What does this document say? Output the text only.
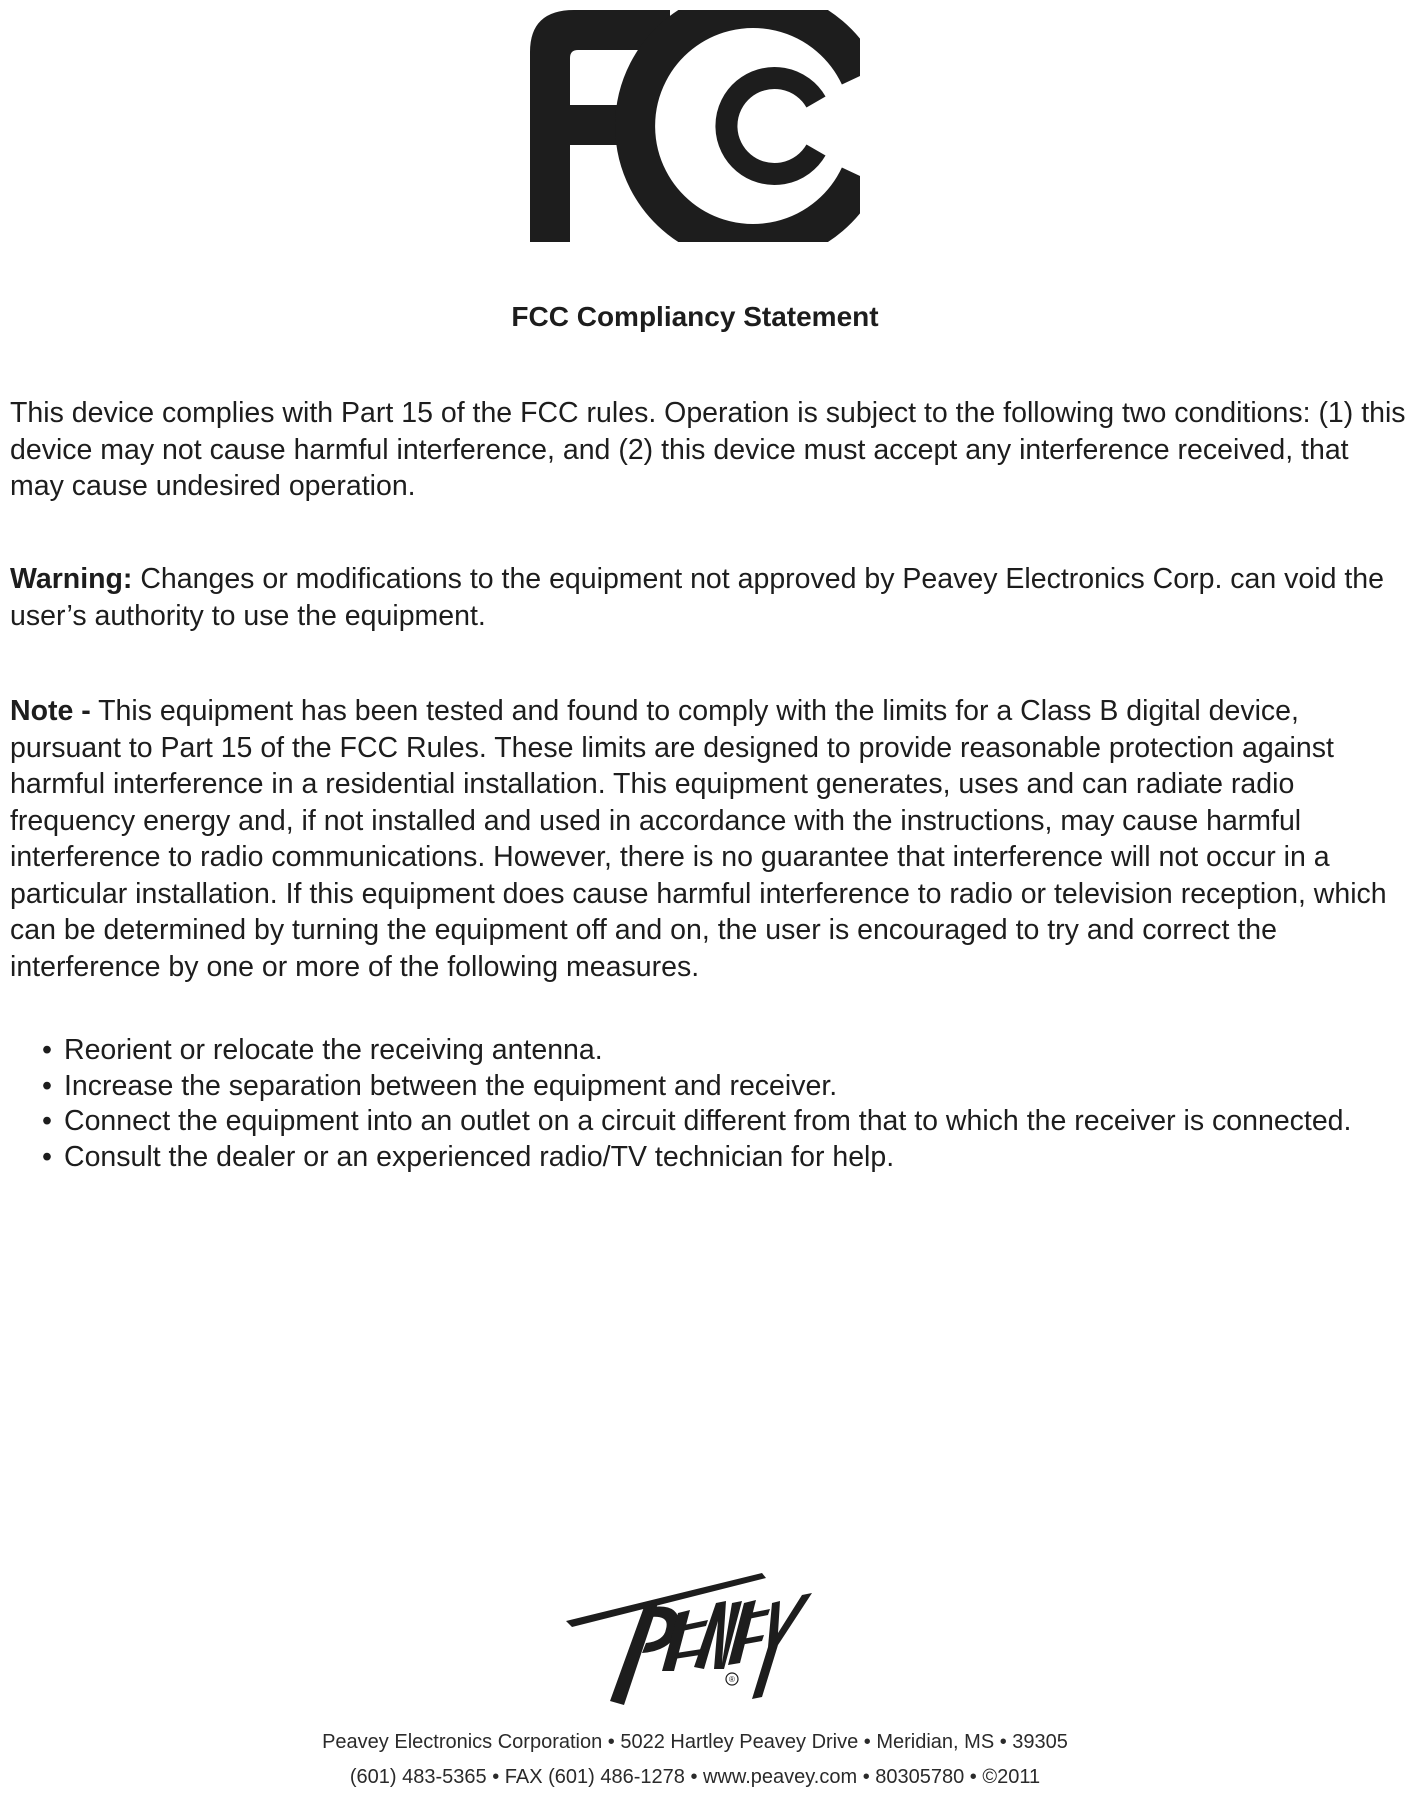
FCC Compliancy Statement

This device complies with Part 15 of the FCC rules. Operation is subject to the following two conditions: (1) this device may not cause harmful interference, and (2) this device must accept any interference received, that may cause undesired operation.

Warning: Changes or modifications to the equipment not approved by Peavey Electronics Corp. can void the user’s authority to use the equipment.

Note - This equipment has been tested and found to comply with the limits for a Class B digital device, pursuant to Part 15 of the FCC Rules. These limits are designed to provide reasonable protection against harmful interference in a residential installation. This equipment generates, uses and can radiate radio frequency energy and, if not installed and used in accordance with the instructions, may cause harmful interference to radio communications. However, there is no guarantee that interference will not occur in a particular installation. If this equipment does cause harmful interference to radio or television reception, which can be determined by turning the equipment off and on, the user is encouraged to try and correct the interference by one or more of the following measures.

• Reorient or relocate the receiving antenna.
• Increase the separation between the equipment and receiver.
• Connect the equipment into an outlet on a circuit different from that to which the receiver is connected.
• Consult the dealer or an experienced radio/TV technician for help.
®
Peavey Electronics Corporation • 5022 Hartley Peavey Drive • Meridian, MS • 39305
(601) 483-5365 • FAX (601) 486-1278 • www.peavey.com • 80305780 • ©2011
